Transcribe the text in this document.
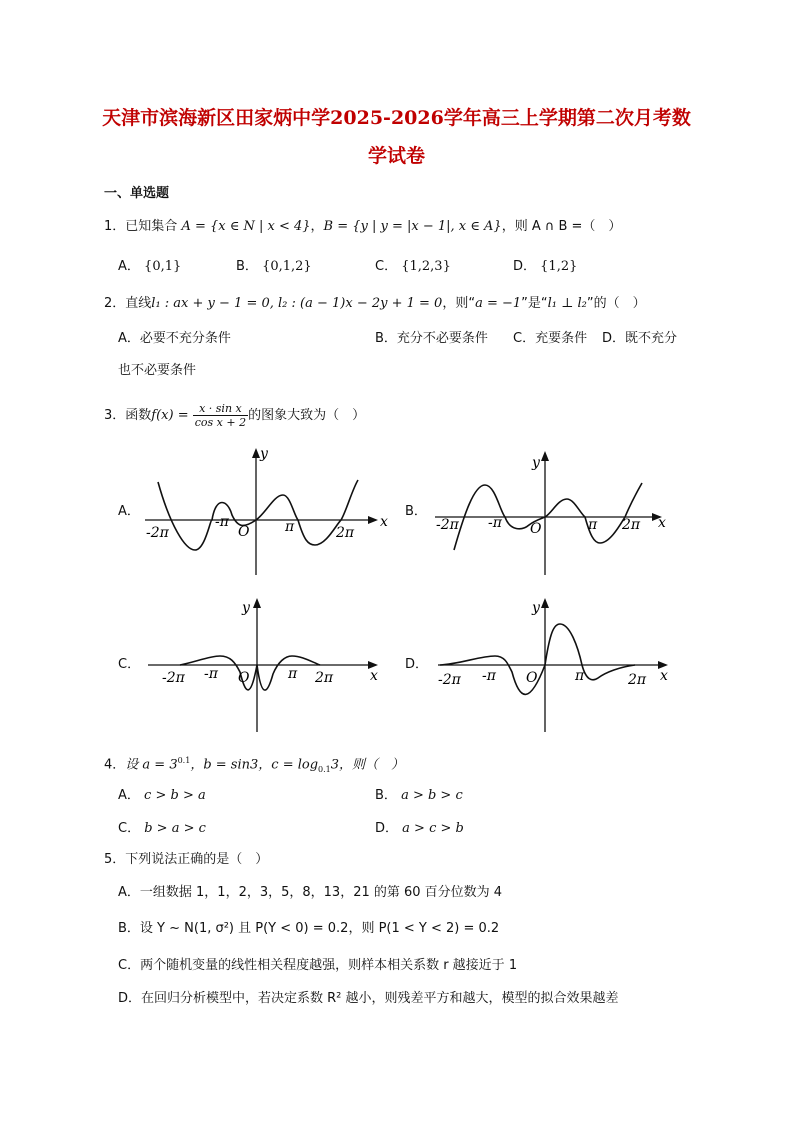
天津市滨海新区田家炳中学2025-2026学年高三上学期第二次月考数
学试卷
一、单选题
1．已知集合 A = {x ∈ N | x < 4}，B = {y | y = |x − 1|, x ∈ A}，则 A ∩ B =（　）
A． {0,1}	B． {0,1,2}	C． {1,2,3}	D． {1,2}
2．直线l₁ : ax + y − 1 = 0, l₂ : (a − 1)x − 2y + 1 = 0，则“a = −1”是“l₁ ⊥ l₂”的（　）
A．必要不充分条件	B．充分不必要条件 C．充要条件 D．既不充分
也不必要条件
3．函数$f(x) = \frac{\text{x · sin x}}{\text{cos x + 2}}$ 的图象大致为（　）
A．	B．
C．	D．
y
x
O
-2π
-π	π	2π
y
x
O
-2π -π	π 2π
y
x
O
-2π -π	π 2π
y
x
O
-2π -π	π	2π
4．设 $a = 3^{0.1}$，b = sin3，$c = \log_{0.1}3$，则（　）
A． c > b > a	B． a > b > c
C． b > a > c	D． a > c > b
5．下列说法正确的是（　）
A．一组数据 1，1，2，3，5，8，13，21 的第 60 百分位数为 4
B．设 Y ~ N(1, σ²) 且 P(Y < 0) = 0.2，则 P(1 < Y < 2) = 0.2
C．两个随机变量的线性相关程度越强，则样本相关系数 r 越接近于 1
D．在回归分析模型中，若决定系数 R² 越小，则残差平方和越大，模型的拟合效果越差
